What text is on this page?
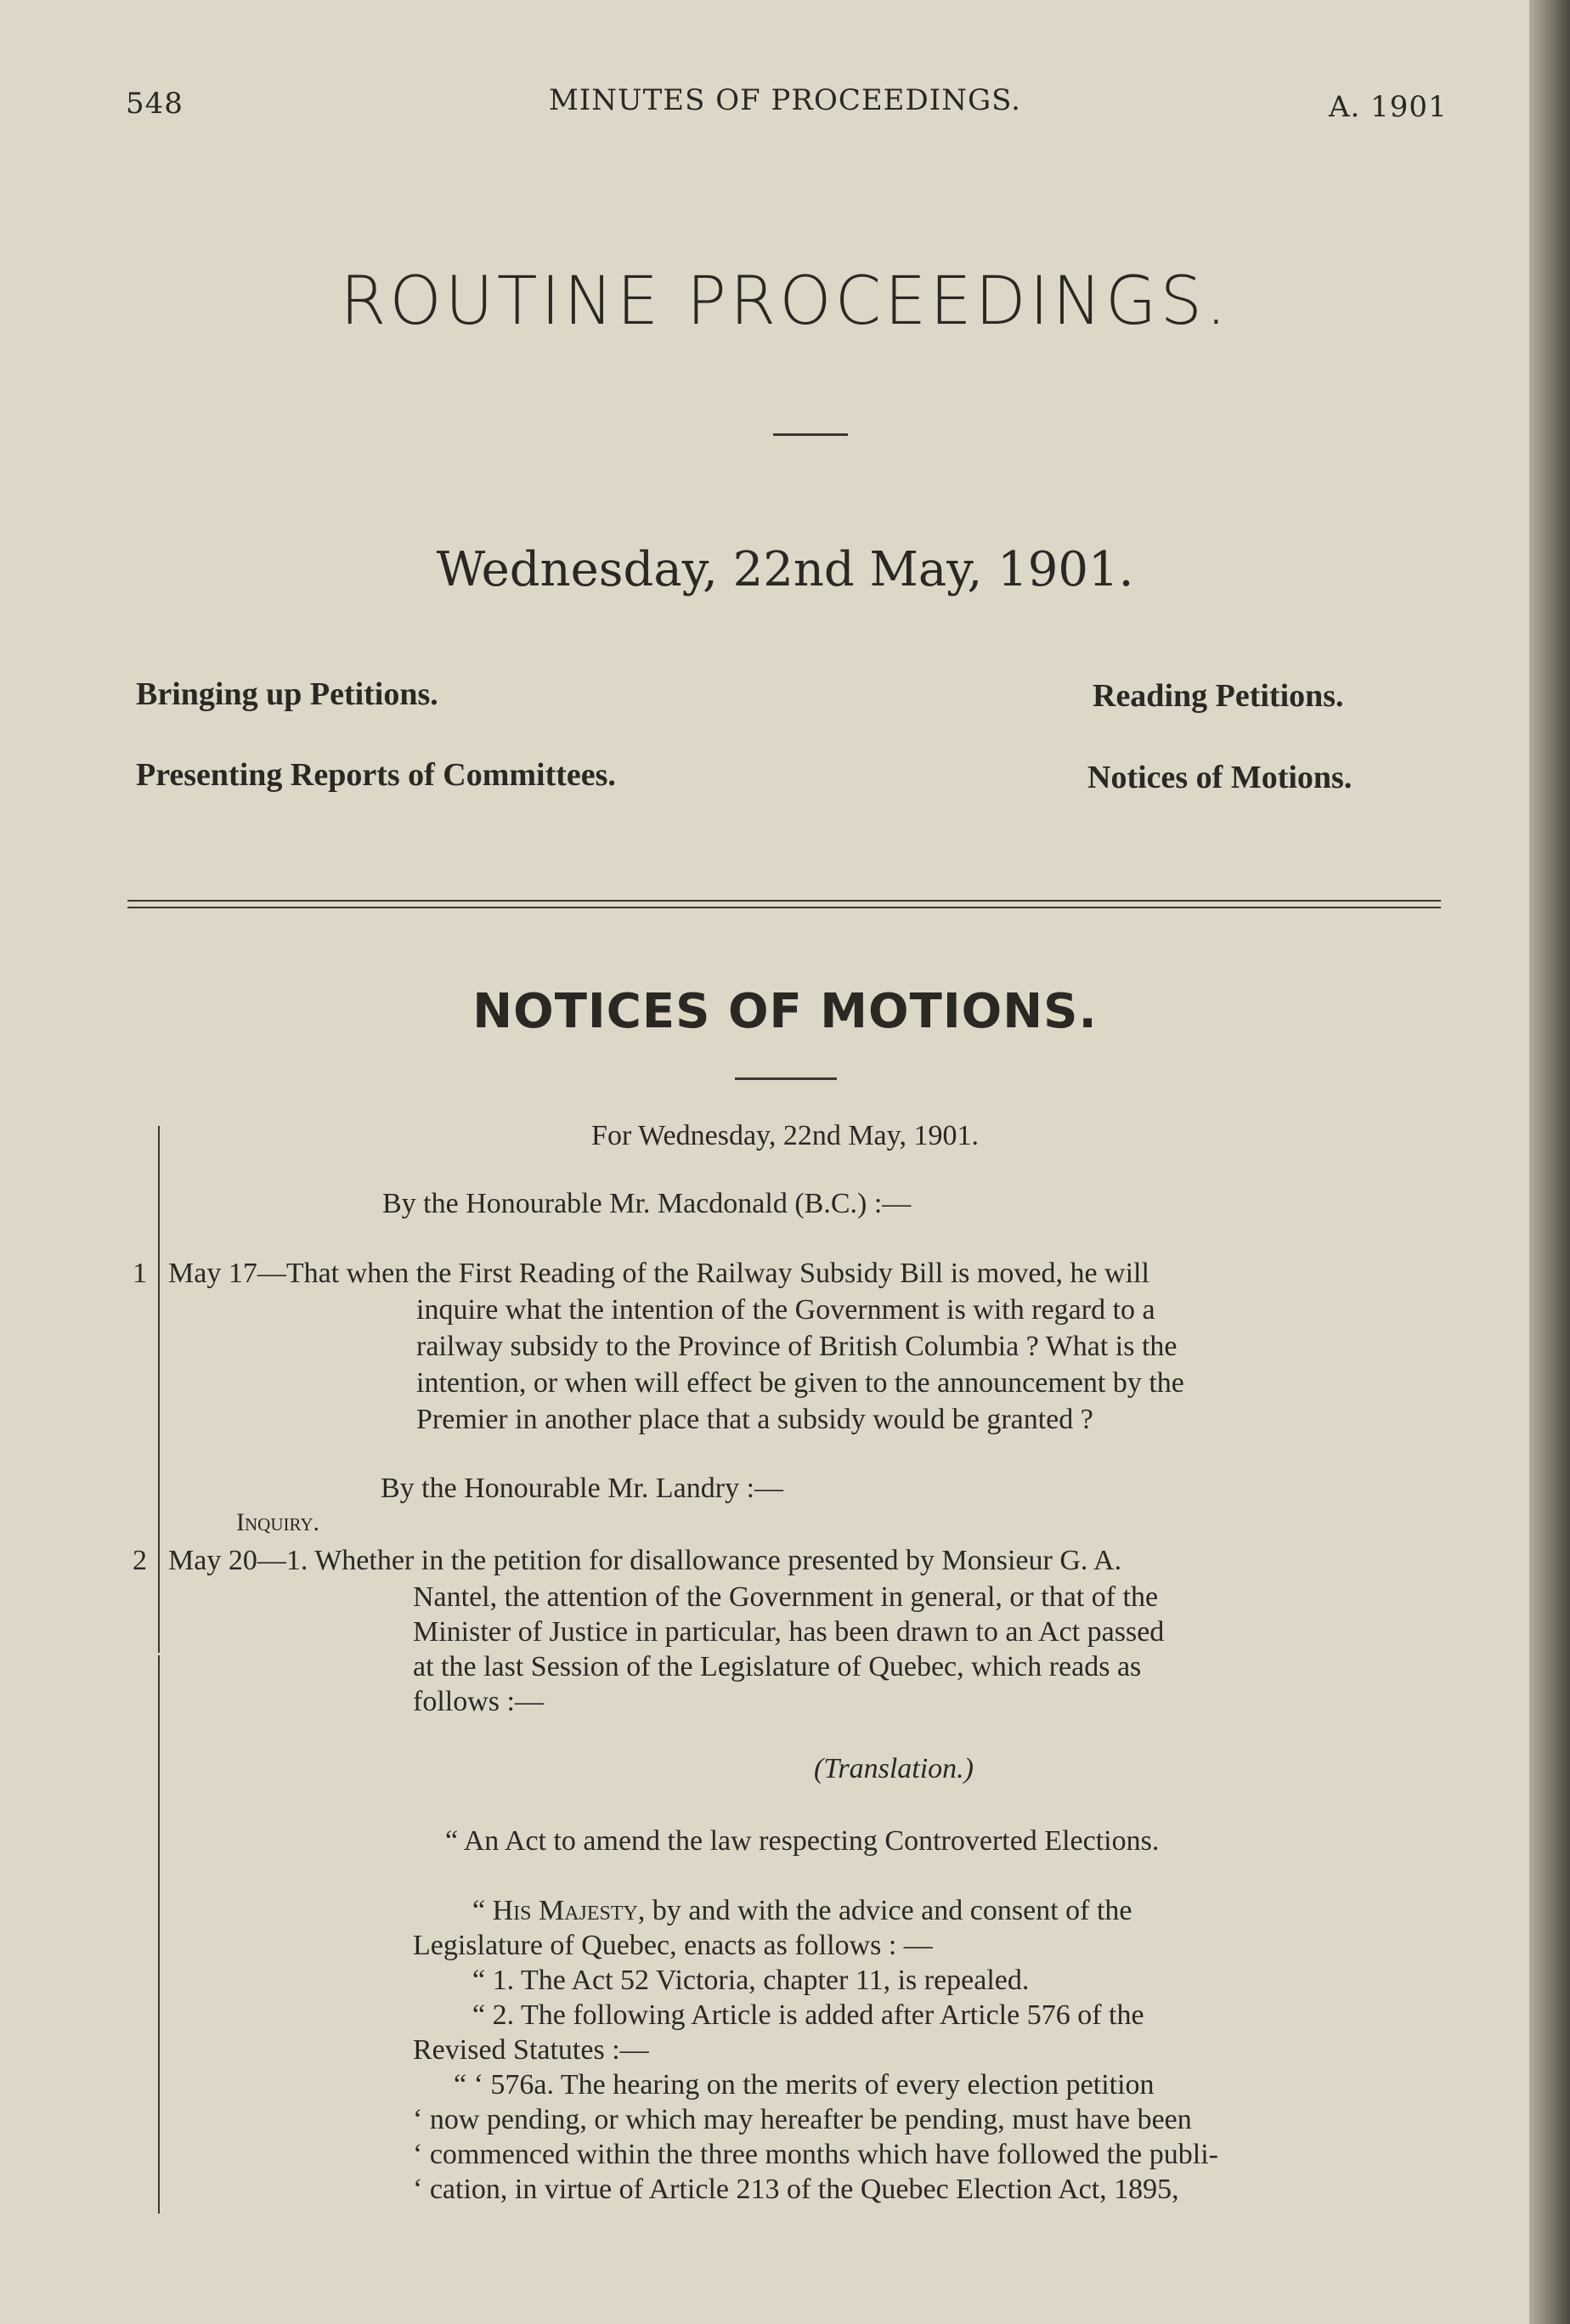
548	MINUTES OF PROCEEDINGS.	A. 1901
ROUTINE PROCEEDINGS.
Wednesday, 22nd May, 1901.
Bringing up Petitions.
Presenting Reports of Committees.
Reading Petitions.
Notices of Motions.
NOTICES OF MOTIONS.
For Wednesday, 22nd May, 1901.
By the Honourable Mr. Macdonald (B.C.) :—
1 May 17—That when the First Reading of the Railway Subsidy Bill is moved, he will
inquire what the intention of the Government is with regard to a
railway subsidy to the Province of British Columbia ? What is the
intention, or when will effect be given to the announcement by the
Premier in another place that a subsidy would be granted ?
By the Honourable Mr. Landry :—
Inquiry.
2 May 20—1. Whether in the petition for disallowance presented by Monsieur G. A.
Nantel, the attention of the Government in general, or that of the
Minister of Justice in particular, has been drawn to an Act passed
at the last Session of the Legislature of Quebec, which reads as
follows :—
(Translation.)
“ An Act to amend the law respecting Controverted Elections.
“ His Majesty, by and with the advice and consent of the
Legislature of Quebec, enacts as follows : —
“ 1. The Act 52 Victoria, chapter 11, is repealed.
“ 2. The following Article is added after Article 576 of the
Revised Statutes :—
“ ‘ 576a. The hearing on the merits of every election petition
‘ now pending, or which may hereafter be pending, must have been
‘ commenced within the three months which have followed the publi-
‘ cation, in virtue of Article 213 of the Quebec Election Act, 1895,
